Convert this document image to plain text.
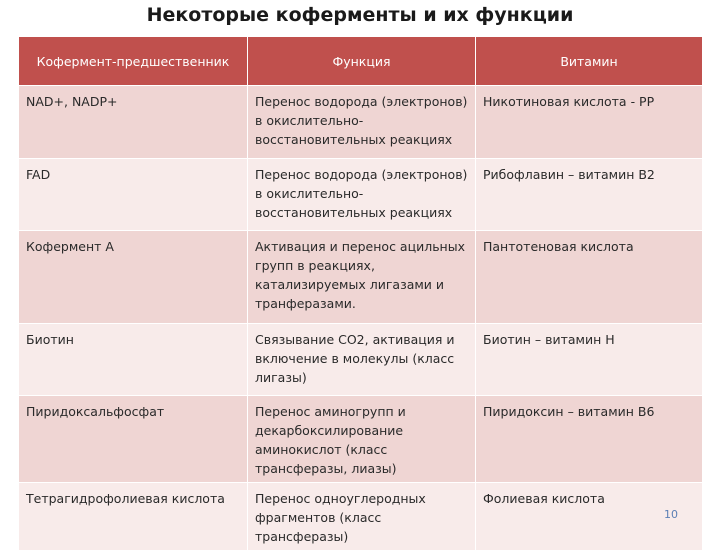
Некоторые коферменты и их функции
Кофермент-предшественник	Функция	Витамин
NAD+, NADP+	Перенос водорода (электронов) в окислительно-восстановительных реакциях	Никотиновая кислота - PP
FAD	Перенос водорода (электронов) в окислительно-восстановительных реакциях	Рибофлавин – витамин B2
Кофермент А	Активация и перенос ацильных групп в реакциях, катализируемых лигазами и транферазами.	Пантотеновая кислота
Биотин	Связывание CO2, активация и включение в молекулы (класс лигазы)	Биотин – витамин H
Пиридоксальфосфат	Перенос аминогрупп и декарбоксилирование аминокислот (класс трансферазы, лиазы)	Пиридоксин – витамин B6
Тетрагидрофолиевая кислота	Перенос одноуглеродных фрагментов (класс трансферазы)	Фолиевая кислота
10
